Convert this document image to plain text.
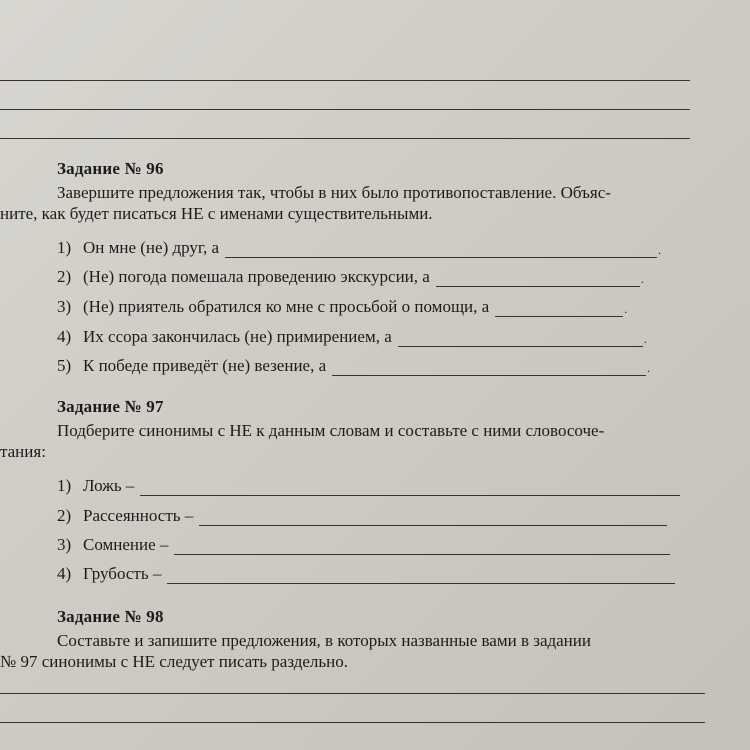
Задание № 96
Завершите предложения так, чтобы в них было противопоставление. Объяс-
ните, как будет писаться НЕ с именами существительными.
1) Он мне (не) друг, а	.
2) (Не) погода помешала проведению экскурсии, а	.
3) (Не) приятель обратился ко мне с просьбой о помощи, а	.
4) Их ссора закончилась (не) примирением, а	.
5) К победе приведёт (не) везение, а	.
Задание № 97
Подберите синонимы с НЕ к данным словам и составьте с ними словосоче-
тания:
1) Ложь –
2) Рассеянность –
3) Сомнение –
4) Грубость –
Задание № 98
Составьте и запишите предложения, в которых названные вами в задании
№ 97 синонимы с НЕ следует писать раздельно.
